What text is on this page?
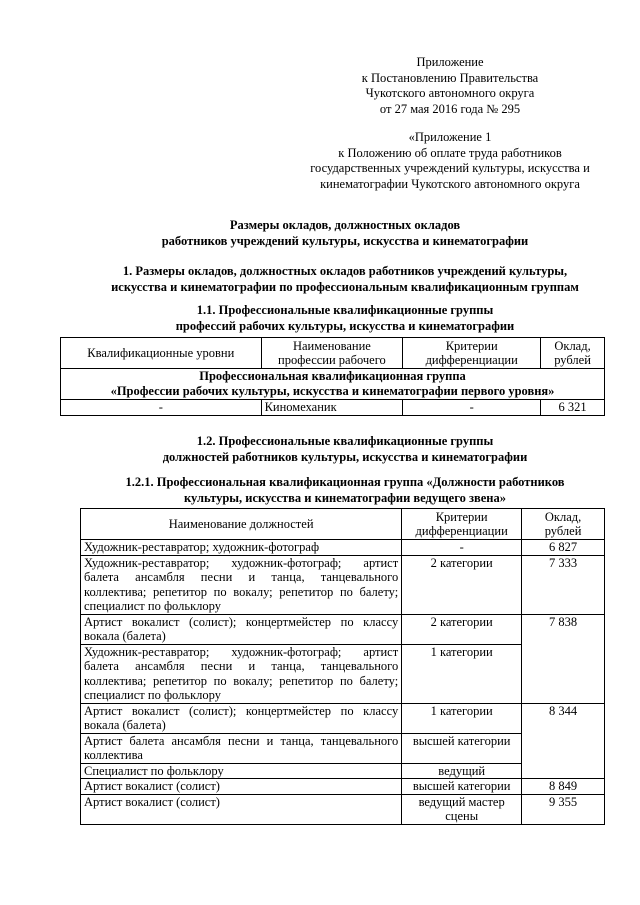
Приложение
к Постановлению Правительства
Чукотского автономного округа
от 27 мая 2016 года № 295
«Приложение 1
к Положению об оплате труда работников
государственных учреждений культуры, искусства и
кинематографии Чукотского автономного округа
Размеры окладов, должностных окладов
работников учреждений культуры, искусства и кинематографии
1. Размеры окладов, должностных окладов работников учреждений культуры,
искусства и кинематографии по профессиональным квалификационным группам
1.1. Профессиональные квалификационные группы
профессий рабочих культуры, искусства и кинематографии
Квалификационные уровни	Наименование профессии рабочего	Критерии дифференциации	Оклад, рублей

Профессиональная квалификационная группа
«Профессии рабочих культуры, искусства и кинематографии первого уровня»			

-	Киномеханик	-	6 321
1.2. Профессиональные квалификационные группы
должностей работников культуры, искусства и кинематографии
1.2.1. Профессиональная квалификационная группа «Должности работников
культуры, искусства и кинематографии ведущего звена»
Наименование должностей	Критерии дифференциации	Оклад, рублей
Художник-реставратор; художник-фотограф	-	6 827
Художник-реставратор; художник-фотограф; артист балета ансамбля песни и танца, танцевального коллектива; репетитор по вокалу; репетитор по балету; специалист по фольклору	2 категории	7 333
Артист вокалист (солист); концертмейстер по классу вокала (балета)	2 категории	7 838
Художник-реставратор; художник-фотограф; артист балета ансамбля песни и танца, танцевального коллектива; репетитор по вокалу; репетитор по балету; специалист по фольклору	1 категории	
Артист вокалист (солист); концертмейстер по классу вокала (балета)	1 категории	8 344
Артист балета ансамбля песни и танца, танцевального коллектива	высшей категории	
Специалист по фольклору	ведущий	
Артист вокалист (солист)	высшей категории	8 849
Артист вокалист (солист)	ведущий мастер сцены	9 355
